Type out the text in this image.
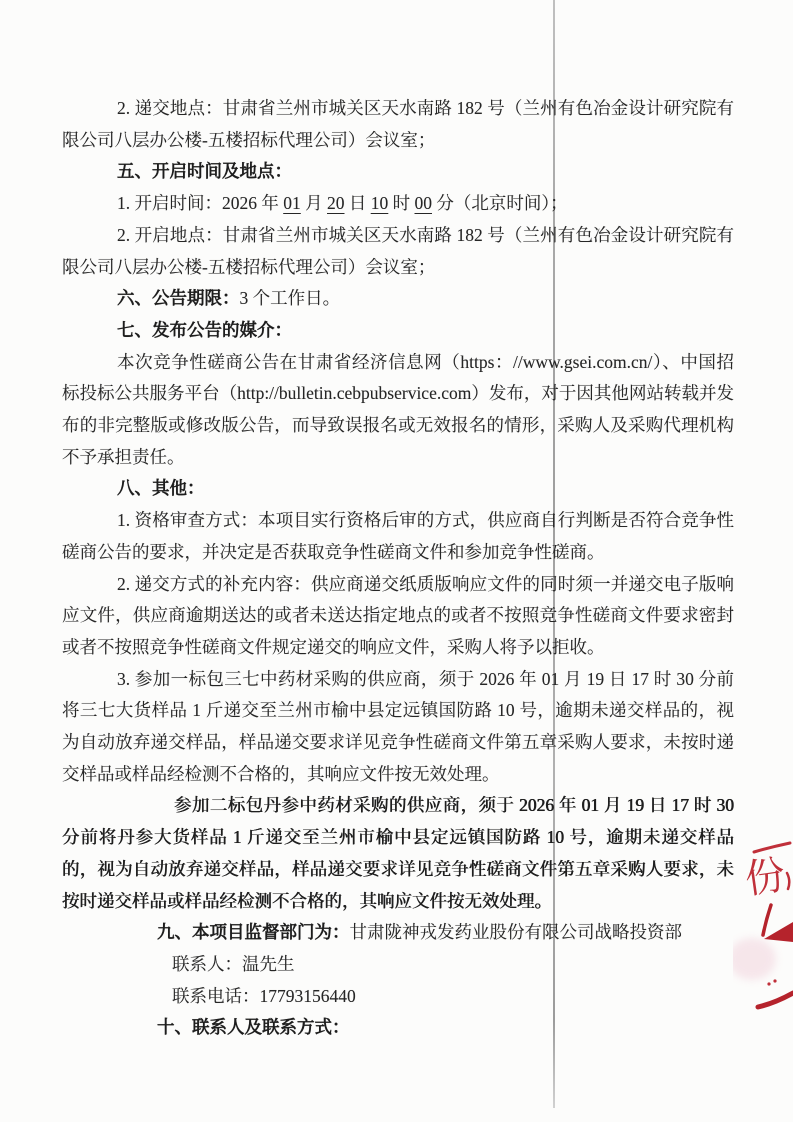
2. 递交地点：甘肃省兰州市城关区天水南路 182 号（兰州有色冶金设计研究院有限公司八层办公楼-五楼招标代理公司）会议室；

五、开启时间及地点：

1. 开启时间：2026 年 01 月 20 日 10 时 00 分（北京时间）；

2. 开启地点：甘肃省兰州市城关区天水南路 182 号（兰州有色冶金设计研究院有限公司八层办公楼-五楼招标代理公司）会议室；

六、公告期限：3 个工作日。

七、发布公告的媒介：

本次竞争性磋商公告在甘肃省经济信息网（https：//www.gsei.com.cn/）、中国招标投标公共服务平台（http://bulletin.cebpubservice.com）发布，对于因其他网站转载并发布的非完整版或修改版公告，而导致误报名或无效报名的情形，采购人及采购代理机构不予承担责任。

八、其他：

1. 资格审查方式：本项目实行资格后审的方式，供应商自行判断是否符合竞争性磋商公告的要求，并决定是否获取竞争性磋商文件和参加竞争性磋商。

2. 递交方式的补充内容：供应商递交纸质版响应文件的同时须一并递交电子版响应文件，供应商逾期送达的或者未送达指定地点的或者不按照竞争性磋商文件要求密封或者不按照竞争性磋商文件规定递交的响应文件，采购人将予以拒收。

3. 参加一标包三七中药材采购的供应商，须于 2026 年 01 月 19 日 17 时 30 分前将三七大货样品 1 斤递交至兰州市榆中县定远镇国防路 10 号，逾期未递交样品的，视为自动放弃递交样品，样品递交要求详见竞争性磋商文件第五章采购人要求，未按时递交样品或样品经检测不合格的，其响应文件按无效处理。

参加二标包丹参中药材采购的供应商，须于 2026 年 01 月 19 日 17 时 30 分前将丹参大货样品 1 斤递交至兰州市榆中县定远镇国防路 10 号，逾期未递交样品的，视为自动放弃递交样品，样品递交要求详见竞争性磋商文件第五章采购人要求，未按时递交样品或样品经检测不合格的，其响应文件按无效处理。

九、本项目监督部门为：甘肃陇神戎发药业股份有限公司战略投资部

联系人：温先生

联系电话：17793156440

十、联系人及联系方式：

份
